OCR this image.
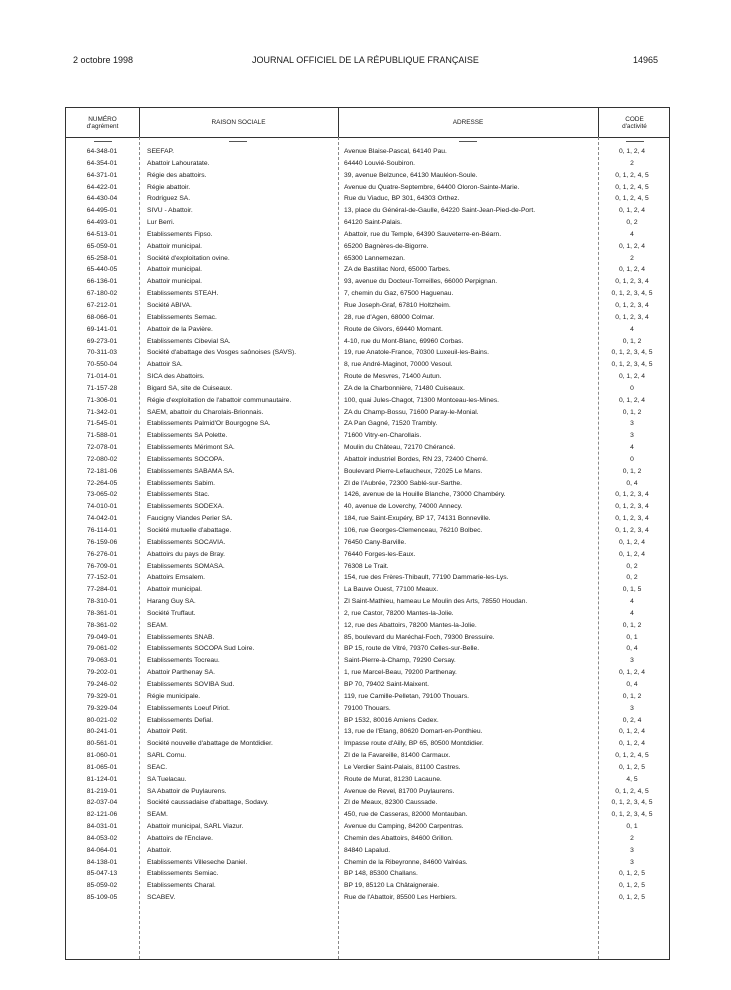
2 octobre 1998	JOURNAL OFFICIEL DE LA RÉPUBLIQUE FRANÇAISE	14965
NUMÉRO
d'agrément	RAISON SOCIALE	ADRESSE	CODE
d'activité
64-348-01	SEEFAP.	Avenue Blaise-Pascal, 64140 Pau.	0, 1, 2, 4
64-354-01	Abattoir Lahouratate.	64440 Louvié-Soubiron.	2
64-371-01	Régie des abattoirs.	39, avenue Belzunce, 64130 Mauléon-Soule.	0, 1, 2, 4, 5
64-422-01	Régie abattoir.	Avenue du Quatre-Septembre, 64400 Oloron-Sainte-Marie.	0, 1, 2, 4, 5
64-430-04	Rodriguez SA.	Rue du Viaduc, BP 301, 64303 Orthez.	0, 1, 2, 4, 5
64-495-01	SIVU - Abattoir.	13, place du Général-de-Gaulle, 64220 Saint-Jean-Pied-de-Port.	0, 1, 2, 4
64-493-01	Lur Berri.	64120 Saint-Palais.	0, 2
64-513-01	Etablissements Fipso.	Abattoir, rue du Temple, 64390 Sauveterre-en-Béarn.	4
65-059-01	Abattoir municipal.	65200 Bagnères-de-Bigorre.	0, 1, 2, 4
65-258-01	Société d'exploitation ovine.	65300 Lannemezan.	2
65-440-05	Abattoir municipal.	ZA de Bastillac Nord, 65000 Tarbes.	0, 1, 2, 4
66-136-01	Abattoir municipal.	93, avenue du Docteur-Torreilles, 66000 Perpignan.	0, 1, 2, 3, 4
67-180-02	Etablissements STEAH.	7, chemin du Gaz, 67500 Haguenau.	0, 1, 2, 3, 4, 5
67-212-01	Société ABIVA.	Rue Joseph-Graf, 67810 Holtzheim.	0, 1, 2, 3, 4
68-066-01	Etablissements Semac.	28, rue d'Agen, 68000 Colmar.	0, 1, 2, 3, 4
69-141-01	Abattoir de la Pavière.	Route de Givors, 69440 Mornant.	4
69-273-01	Etablissements Cibevial SA.	4-10, rue du Mont-Blanc, 69960 Corbas.	0, 1, 2
70-311-03	Société d'abattage des Vosges saônoises (SAVS).	19, rue Anatole-France, 70300 Luxeuil-les-Bains.	0, 1, 2, 3, 4, 5
70-550-04	Abattoir SA.	8, rue André-Maginot, 70000 Vesoul.	0, 1, 2, 3, 4, 5
71-014-01	SICA des Abattoirs.	Route de Mesvres, 71400 Autun.	0, 1, 2, 4
71-157-28	Bigard SA, site de Cuiseaux.	ZA de la Charbonnière, 71480 Cuiseaux.	0
71-306-01	Régie d'exploitation de l'abattoir communautaire.	100, quai Jules-Chagot, 71300 Montceau-les-Mines.	0, 1, 2, 4
71-342-01	SAEM, abattoir du Charolais-Brionnais.	ZA du Champ-Bossu, 71600 Paray-le-Monial.	0, 1, 2
71-545-01	Etablissements Palmid'Or Bourgogne SA.	ZA Pan Gagné, 71520 Trambly.	3
71-588-01	Etablissements SA Polette.	71600 Vitry-en-Charollais.	3
72-078-01	Etablissements Mérimont SA.	Moulin du Château, 72170 Chérancé.	4
72-080-02	Etablissements SOCOPA.	Abattoir industriel Bordes, RN 23, 72400 Cherré.	0
72-181-06	Etablissements SABAMA SA.	Boulevard Pierre-Lefaucheux, 72025 Le Mans.	0, 1, 2
72-264-05	Etablissements Sabim.	ZI de l'Aubrée, 72300 Sablé-sur-Sarthe.	0, 4
73-065-02	Etablissements Stac.	1426, avenue de la Houille Blanche, 73000 Chambéry.	0, 1, 2, 3, 4
74-010-01	Etablissements SODEXA.	40, avenue de Loverchy, 74000 Annecy.	0, 1, 2, 3, 4
74-042-01	Faucigny Viandes Perier SA.	184, rue Saint-Exupéry, BP 17, 74131 Bonneville.	0, 1, 2, 3, 4
76-114-01	Société mutuelle d'abattage.	106, rue Georges-Clemenceau, 76210 Bolbec.	0, 1, 2, 3, 4
76-159-06	Etablissements SOCAVIA.	76450 Cany-Barville.	0, 1, 2, 4
76-276-01	Abattoirs du pays de Bray.	76440 Forges-les-Eaux.	0, 1, 2, 4
76-709-01	Etablissements SOMASA.	76308 Le Trait.	0, 2
77-152-01	Abattoirs Emsalem.	154, rue des Frères-Thibault, 77190 Dammarie-les-Lys.	0, 2
77-284-01	Abattoir municipal.	La Bauve Ouest, 77100 Meaux.	0, 1, 5
78-310-01	Harang Guy SA.	ZI Saint-Mathieu, hameau Le Moulin des Arts, 78550 Houdan.	4
78-361-01	Société Truffaut.	2, rue Castor, 78200 Mantes-la-Jolie.	4
78-361-02	SEAM.	12, rue des Abattoirs, 78200 Mantes-la-Jolie.	0, 1, 2
79-049-01	Etablissements SNAB.	85, boulevard du Maréchal-Foch, 79300 Bressuire.	0, 1
79-061-02	Etablissements SOCOPA Sud Loire.	BP 15, route de Vitré, 79370 Celles-sur-Belle.	0, 4
79-063-01	Etablissements Tocreau.	Saint-Pierre-à-Champ, 79290 Cersay.	3
79-202-01	Abattoir Parthenay SA.	1, rue Marcel-Beau, 79200 Parthenay.	0, 1, 2, 4
79-246-02	Etablissements SOVIBA Sud.	BP 70, 79402 Saint-Maixent.	0, 4
79-329-01	Régie municipale.	119, rue Camille-Pelletan, 79100 Thouars.	0, 1, 2
79-329-04	Etablissements Loeuf Piriot.	79100 Thouars.	3
80-021-02	Etablissements Defial.	BP 1532, 80016 Amiens Cedex.	0, 2, 4
80-241-01	Abattoir Petit.	13, rue de l'Etang, 80620 Domart-en-Ponthieu.	0, 1, 2, 4
80-561-01	Société nouvelle d'abattage de Montdidier.	Impasse route d'Ailly, BP 65, 80500 Montdidier.	0, 1, 2, 4
81-060-01	SARL Cornu.	ZI de la Favareille, 81400 Carmaux.	0, 1, 2, 4, 5
81-065-01	SEAC.	Le Verdier Saint-Palais, 81100 Castres.	0, 1, 2, 5
81-124-01	SA Tuelacau.	Route de Murat, 81230 Lacaune.	4, 5
81-219-01	SA Abattoir de Puylaurens.	Avenue de Revel, 81700 Puylaurens.	0, 1, 2, 4, 5
82-037-04	Société caussadaise d'abattage, Sodavy.	ZI de Meaux, 82300 Caussade.	0, 1, 2, 3, 4, 5
82-121-06	SEAM.	450, rue de Casseras, 82000 Montauban.	0, 1, 2, 3, 4, 5
84-031-01	Abattoir municipal, SARL Viazur.	Avenue du Camping, 84200 Carpentras.	0, 1
84-053-02	Abattoirs de l'Enclave.	Chemin des Abattoirs, 84600 Grillon.	2
84-064-01	Abattoir.	84840 Lapalud.	3
84-138-01	Etablissements Villeseche Daniel.	Chemin de la Ribeyronne, 84600 Valréas.	3
85-047-13	Etablissements Semiac.	BP 148, 85300 Challans.	0, 1, 2, 5
85-059-02	Etablissements Charal.	BP 19, 85120 La Châtaigneraie.	0, 1, 2, 5
85-109-05	SCABEV.	Rue de l'Abattoir, 85500 Les Herbiers.	0, 1, 2, 5
